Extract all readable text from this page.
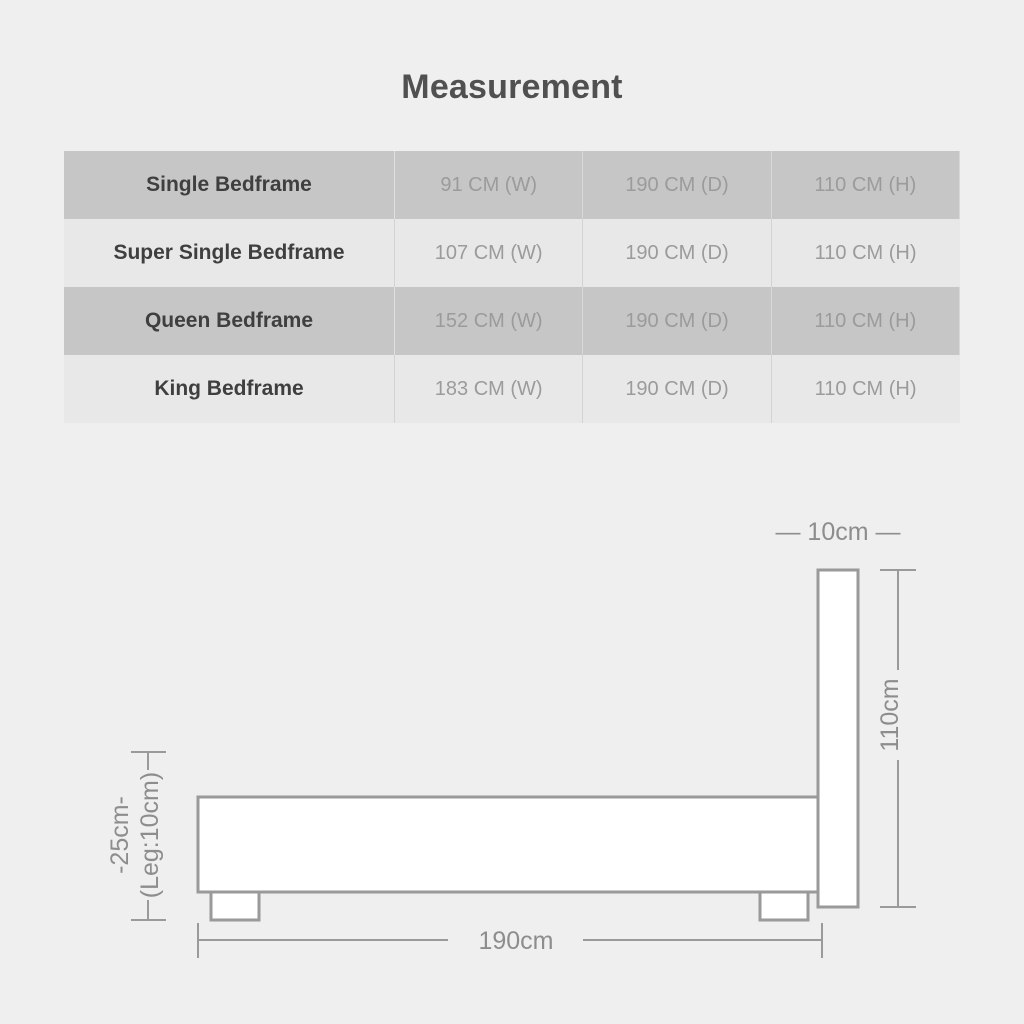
Measurement
Single Bedframe	91 CM (W)	190 CM (D)	110 CM (H)
Super Single Bedframe	107 CM (W)	190 CM (D)	110 CM (H)
Queen Bedframe	152 CM (W)	190 CM (D)	110 CM (H)
King Bedframe	183 CM (W)	190 CM (D)	110 CM (H)
— 10cm —
110cm
-25cm- (Leg:10cm)
190cm
